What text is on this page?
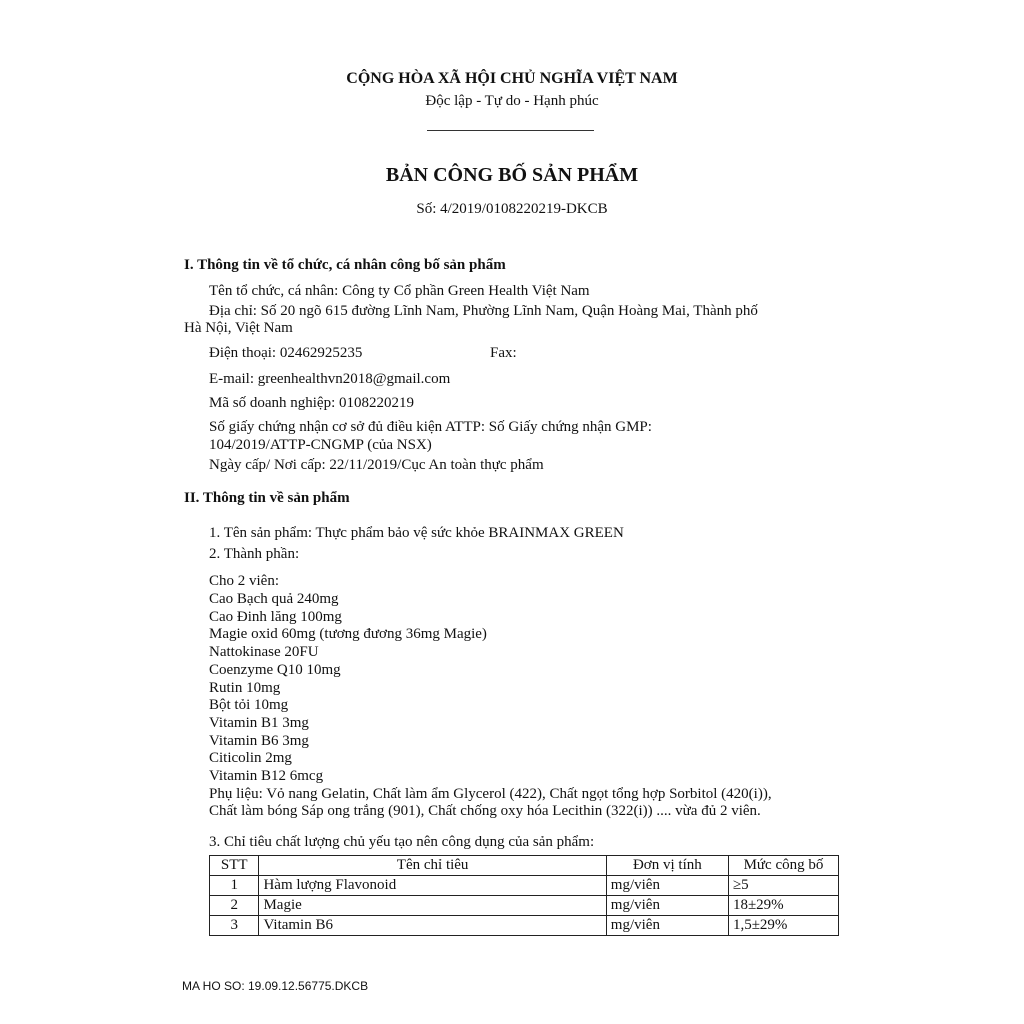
CỘNG HÒA XÃ HỘI CHỦ NGHĨA VIỆT NAM
Độc lập - Tự do - Hạnh phúc
BẢN CÔNG BỐ SẢN PHẨM
Số: 4/2019/0108220219-DKCB
I. Thông tin về tổ chức, cá nhân công bố sản phẩm
Tên tổ chức, cá nhân: Công ty Cổ phần Green Health Việt Nam
Địa chỉ: Số 20 ngõ 615 đường Lĩnh Nam, Phường Lĩnh Nam, Quận Hoàng Mai, Thành phố
Hà Nội, Việt Nam
Điện thoại: 02462925235	Fax:
E-mail: greenhealthvn2018@gmail.com
Mã số doanh nghiệp: 0108220219
Số giấy chứng nhận cơ sở đủ điều kiện ATTP: Số Giấy chứng nhận GMP:
104/2019/ATTP-CNGMP (của NSX)
Ngày cấp/ Nơi cấp: 22/11/2019/Cục An toàn thực phẩm
II. Thông tin về sản phẩm
1. Tên sản phẩm: Thực phẩm bảo vệ sức khỏe BRAINMAX GREEN
2. Thành phần:
Cho 2 viên:
Cao Bạch quả 240mg
Cao Đinh lăng 100mg
Magie oxid 60mg (tương đương 36mg Magie)
Nattokinase 20FU
Coenzyme Q10 10mg
Rutin 10mg
Bột tỏi 10mg
Vitamin B1 3mg
Vitamin B6 3mg
Citicolin 2mg
Vitamin B12 6mcg
Phụ liệu: Vỏ nang Gelatin, Chất làm ẩm Glycerol (422), Chất ngọt tổng hợp Sorbitol (420(i)),
Chất làm bóng Sáp ong trắng (901), Chất chống oxy hóa Lecithin (322(i)) .... vừa đủ 2 viên.
3. Chỉ tiêu chất lượng chủ yếu tạo nên công dụng của sản phẩm:
STT	Tên chỉ tiêu	Đơn vị tính	Mức công bố
1	Hàm lượng Flavonoid	mg/viên	≥5
2	Magie	mg/viên	18±29%
3	Vitamin B6	mg/viên	1,5±29%
MA HO SO: 19.09.12.56775.DKCB
